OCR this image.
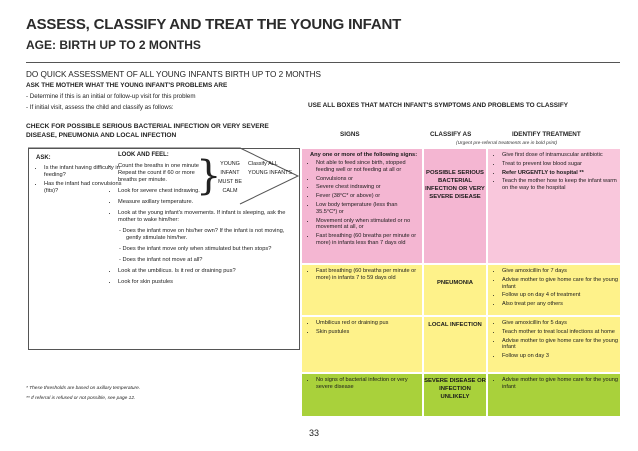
ASSESS, CLASSIFY AND TREAT THE YOUNG INFANT
AGE: BIRTH UP TO 2 MONTHS
DO QUICK ASSESSMENT OF ALL YOUNG INFANTS BIRTH UP TO 2 MONTHS
ASK THE MOTHER WHAT THE YOUNG INFANT'S PROBLEMS ARE
- Determine if this is an initial or follow-up visit for this problem
- If initial visit, assess the child and classify as follows:
CHECK FOR POSSIBLE SERIOUS BACTERIAL INFECTION OR VERY SEVERE DISEASE, PNEUMONIA AND LOCAL INFECTION
USE ALL BOXES THAT MATCH INFANT'S SYMPTOMS AND PROBLEMS TO CLASSIFY
ASK:	LOOK AND FEEL:
• Is the infant having difficulty in feeding?
• Has the infant had convulsions (fits)?
• Count the breaths in one minute Repeat the count if 60 or more breaths per minute.
• Look for severe chest indrawing.
• Measure axillary temperature.
• Look at the young infant's movements. If infant is sleeping, ask the mother to wake him/her:
- Does the infant move on his/her own? If the infant is not moving, gently stimulate him/her.
- Does the infant move only when stimulated but then stops?
- Does the infant not move at all?
• Look at the umbilicus. Is it red or draining pus?
• Look for skin pustules
}
YOUNG INFANT MUST BE CALM
Classify ALL YOUNG INFANTS
* These thresholds are based on axillary temperature.
** If referral is refused or not possible, see page 12.
SIGNS	CLASSIFY AS	IDENTIFY TREATMENT
(Urgent pre-referral treatments are in bold print)
Any one or more of the following signs:
• Not able to feed since birth, stopped feeding well or not feeding at all or
• Convulsions or
• Severe chest indrawing or
• Fever (38°C* or above) or
• Low body temperature (less than 35.5°C*) or
• Movement only when stimulated or no movement at all, or
• Fast breathing (60 breaths per minute or more) in infants less than 7 days old
POSSIBLE SERIOUS BACTERIAL INFECTION OR VERY SEVERE DISEASE
• Give first dose of intramuscular antibiotic
• Treat to prevent low blood sugar
• Refer URGENTLY to hospital **
• Teach the mother how to keep the infant warm on the way to the hospital
• Fast breathing (60 breaths per minute or more) in infants 7 to 59 days old
PNEUMONIA
• Give amoxicillin for 7 days
• Advise mother to give home care for the young infant
• Follow up on day 4 of treatment
• Also treat per any others
• Umbilicus red or draining pus
• Skin pustules
LOCAL INFECTION
•	Give amoxicillin for 5 days
• Teach mother to treat local infections at home
• Advise mother to give home care for the young infant
• Follow up on day 3
• No signs of bacterial infection or very severe disease
SEVERE DISEASE OR INFECTION UNLIKELY
• Advise mother to give home care for the young infant
33
